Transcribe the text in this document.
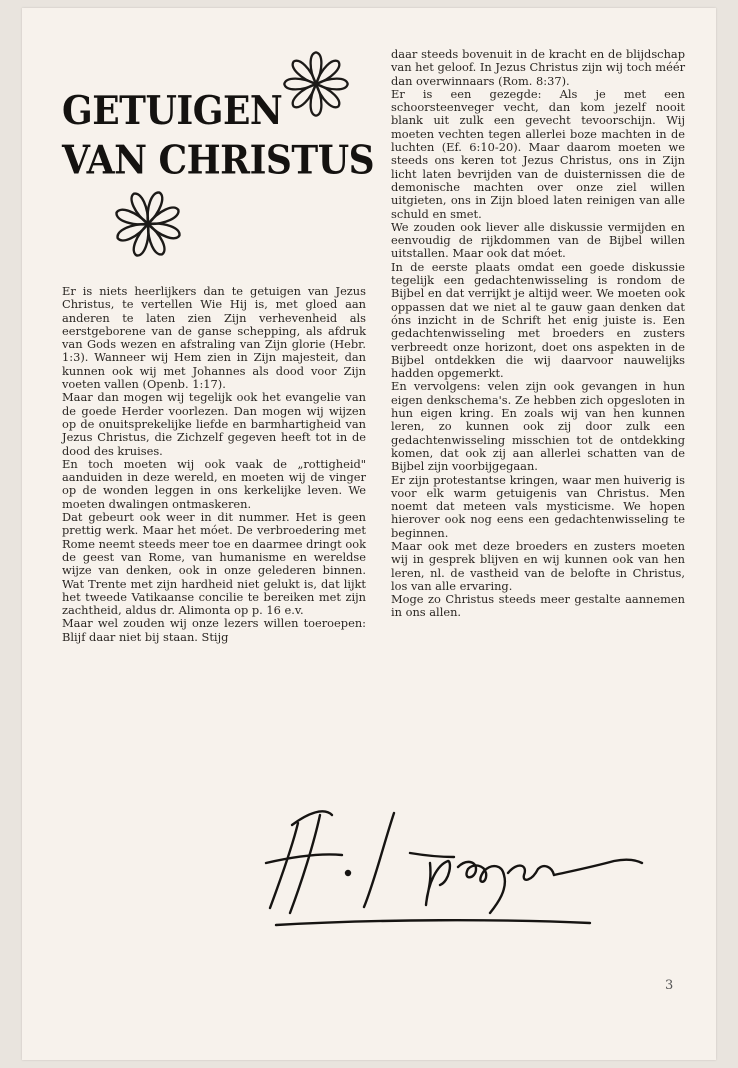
GETUIGEN
VAN CHRISTUS

Er is niets heerlijkers dan te getuigen van Jezus Christus, te vertellen Wie Hij is, met gloed aan anderen te laten zien Zijn verhevenheid als eerstgeborene van de ganse schepping, als afdruk van Gods wezen en afstraling van Zijn glorie (Hebr. 1:3). Wanneer wij Hem zien in Zijn majesteit, dan kunnen ook wij met Johannes als dood voor Zijn voeten vallen (Openb. 1:17).

Maar dan mogen wij tegelijk ook het evangelie van de goede Herder voorlezen. Dan mogen wij wijzen op de onuitsprekelijke liefde en barmhartigheid van Jezus Christus, die Zichzelf gegeven heeft tot in de dood des kruises.

En toch moeten wij ook vaak de „rottigheid" aanduiden in deze wereld, en moeten wij de vinger op de wonden leggen in ons kerkelijke leven. We moeten dwalingen ontmaskeren.

Dat gebeurt ook weer in dit nummer. Het is geen prettig werk. Maar het móet. De verbroedering met Rome neemt steeds meer toe en daarmee dringt ook de geest van Rome, van humanisme en wereldse wijze van denken, ook in onze gelederen binnen. Wat Trente met zijn hardheid niet gelukt is, dat lijkt het tweede Vatikaanse concilie te bereiken met zijn zachtheid, aldus dr. Alimonta op p. 16 e.v.

Maar wel zouden wij onze lezers willen toeroepen: Blijf daar niet bij staan. Stijg

daar steeds bovenuit in de kracht en de blijdschap van het geloof. In Jezus Christus zijn wij toch méér dan overwinnaars (Rom. 8:37).

Er is een gezegde: Als je met een schoorsteenveger vecht, dan kom jezelf nooit blank uit zulk een gevecht tevoorschijn. Wij moeten vechten tegen allerlei boze machten in de luchten (Ef. 6:10-20). Maar daarom moeten we steeds ons keren tot Jezus Christus, ons in Zijn licht laten bevrijden van de duisternissen die de demonische machten over onze ziel willen uitgieten, ons in Zijn bloed laten reinigen van alle schuld en smet.

We zouden ook liever alle diskussie vermijden en eenvoudig de rijkdommen van de Bijbel willen uitstallen. Maar ook dat móet.

In de eerste plaats omdat een goede diskussie tegelijk een gedachtenwisseling is rondom de Bijbel en dat verrijkt je altijd weer. We moeten ook oppassen dat we niet al te gauw gaan denken dat óns inzicht in de Schrift het enig juiste is. Een gedachtenwisseling met broeders en zusters verbreedt onze horizont, doet ons aspekten in de Bijbel ontdekken die wij daarvoor nauwelijks hadden opgemerkt.

En vervolgens: velen zijn ook gevangen in hun eigen denkschema's. Ze hebben zich opgesloten in hun eigen kring. En zoals wij van hen kunnen leren, zo kunnen ook zij door zulk een gedachtenwisseling misschien tot de ontdekking komen, dat ook zij aan allerlei schatten van de Bijbel zijn voorbijgegaan.

Er zijn protestantse kringen, waar men huiverig is voor elk warm getuigenis van Christus. Men noemt dat meteen vals mysticisme. We hopen hierover ook nog eens een gedachtenwisseling te beginnen.

Maar ook met deze broeders en zusters moeten wij in gesprek blijven en wij kunnen ook van hen leren, nl. de vastheid van de belofte in Christus, los van alle ervaring.

Moge zo Christus steeds meer gestalte aannemen in ons allen.

3
